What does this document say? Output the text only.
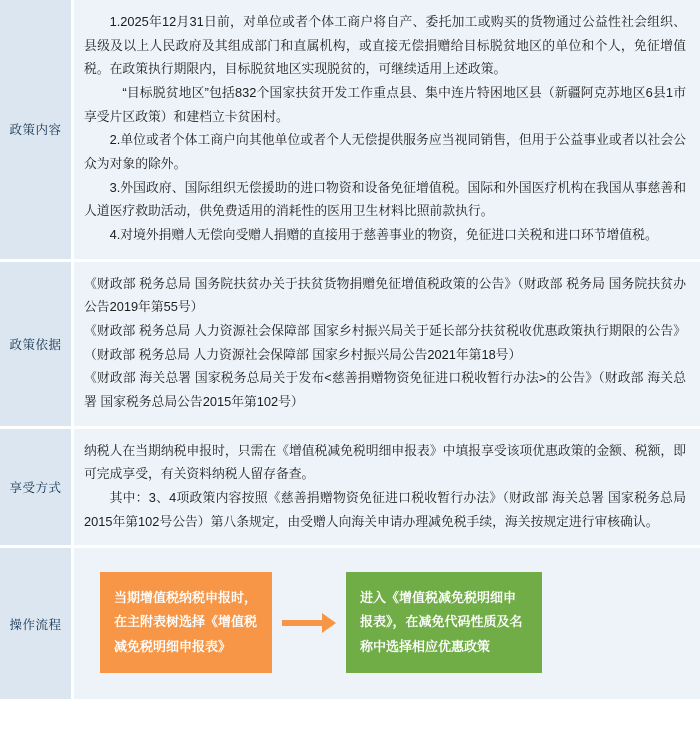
政策内容

1.2025年12月31日前，对单位或者个体工商户将自产、委托加工或购买的货物通过公益性社会组织、县级及以上人民政府及其组成部门和直属机构，或直接无偿捐赠给目标脱贫地区的单位和个人，免征增值税。在政策执行期限内，目标脱贫地区实现脱贫的，可继续适用上述政策。

“目标脱贫地区”包括832个国家扶贫开发工作重点县、集中连片特困地区县（新疆阿克苏地区6县1市享受片区政策）和建档立卡贫困村。

2.单位或者个体工商户向其他单位或者个人无偿提供服务应当视同销售，但用于公益事业或者以社会公众为对象的除外。

3.外国政府、国际组织无偿援助的进口物资和设备免征增值税。国际和外国医疗机构在我国从事慈善和人道医疗救助活动，供免费适用的消耗性的医用卫生材料比照前款执行。

4.对境外捐赠人无偿向受赠人捐赠的直接用于慈善事业的物资，免征进口关税和进口环节增值税。

政策依据

《财政部 税务总局 国务院扶贫办关于扶贫货物捐赠免征增值税政策的公告》（财政部 税务局 国务院扶贫办公告2019年第55号）

《财政部 税务总局 人力资源社会保障部 国家乡村振兴局关于延长部分扶贫税收优惠政策执行期限的公告》（财政部 税务总局 人力资源社会保障部 国家乡村振兴局公告2021年第18号）

《财政部 海关总署 国家税务总局关于发布<慈善捐赠物资免征进口税收暂行办法>的公告》（财政部 海关总署 国家税务总局公告2015年第102号）

享受方式

纳税人在当期纳税申报时，只需在《增值税减免税明细申报表》中填报享受该项优惠政策的金额、税额，即可完成享受，有关资料纳税人留存备查。

其中：3、4项政策内容按照《慈善捐赠物资免征进口税收暂行办法》（财政部 海关总署 国家税务总局2015年第102号公告）第八条规定，由受赠人向海关申请办理减免税手续，海关按规定进行审核确认。

操作流程
当期增值税纳税申报时，在主附表树选择《增值税减免税明细申报表》
进入《增值税减免税明细申报表》，在减免代码性质及名称中选择相应优惠政策
